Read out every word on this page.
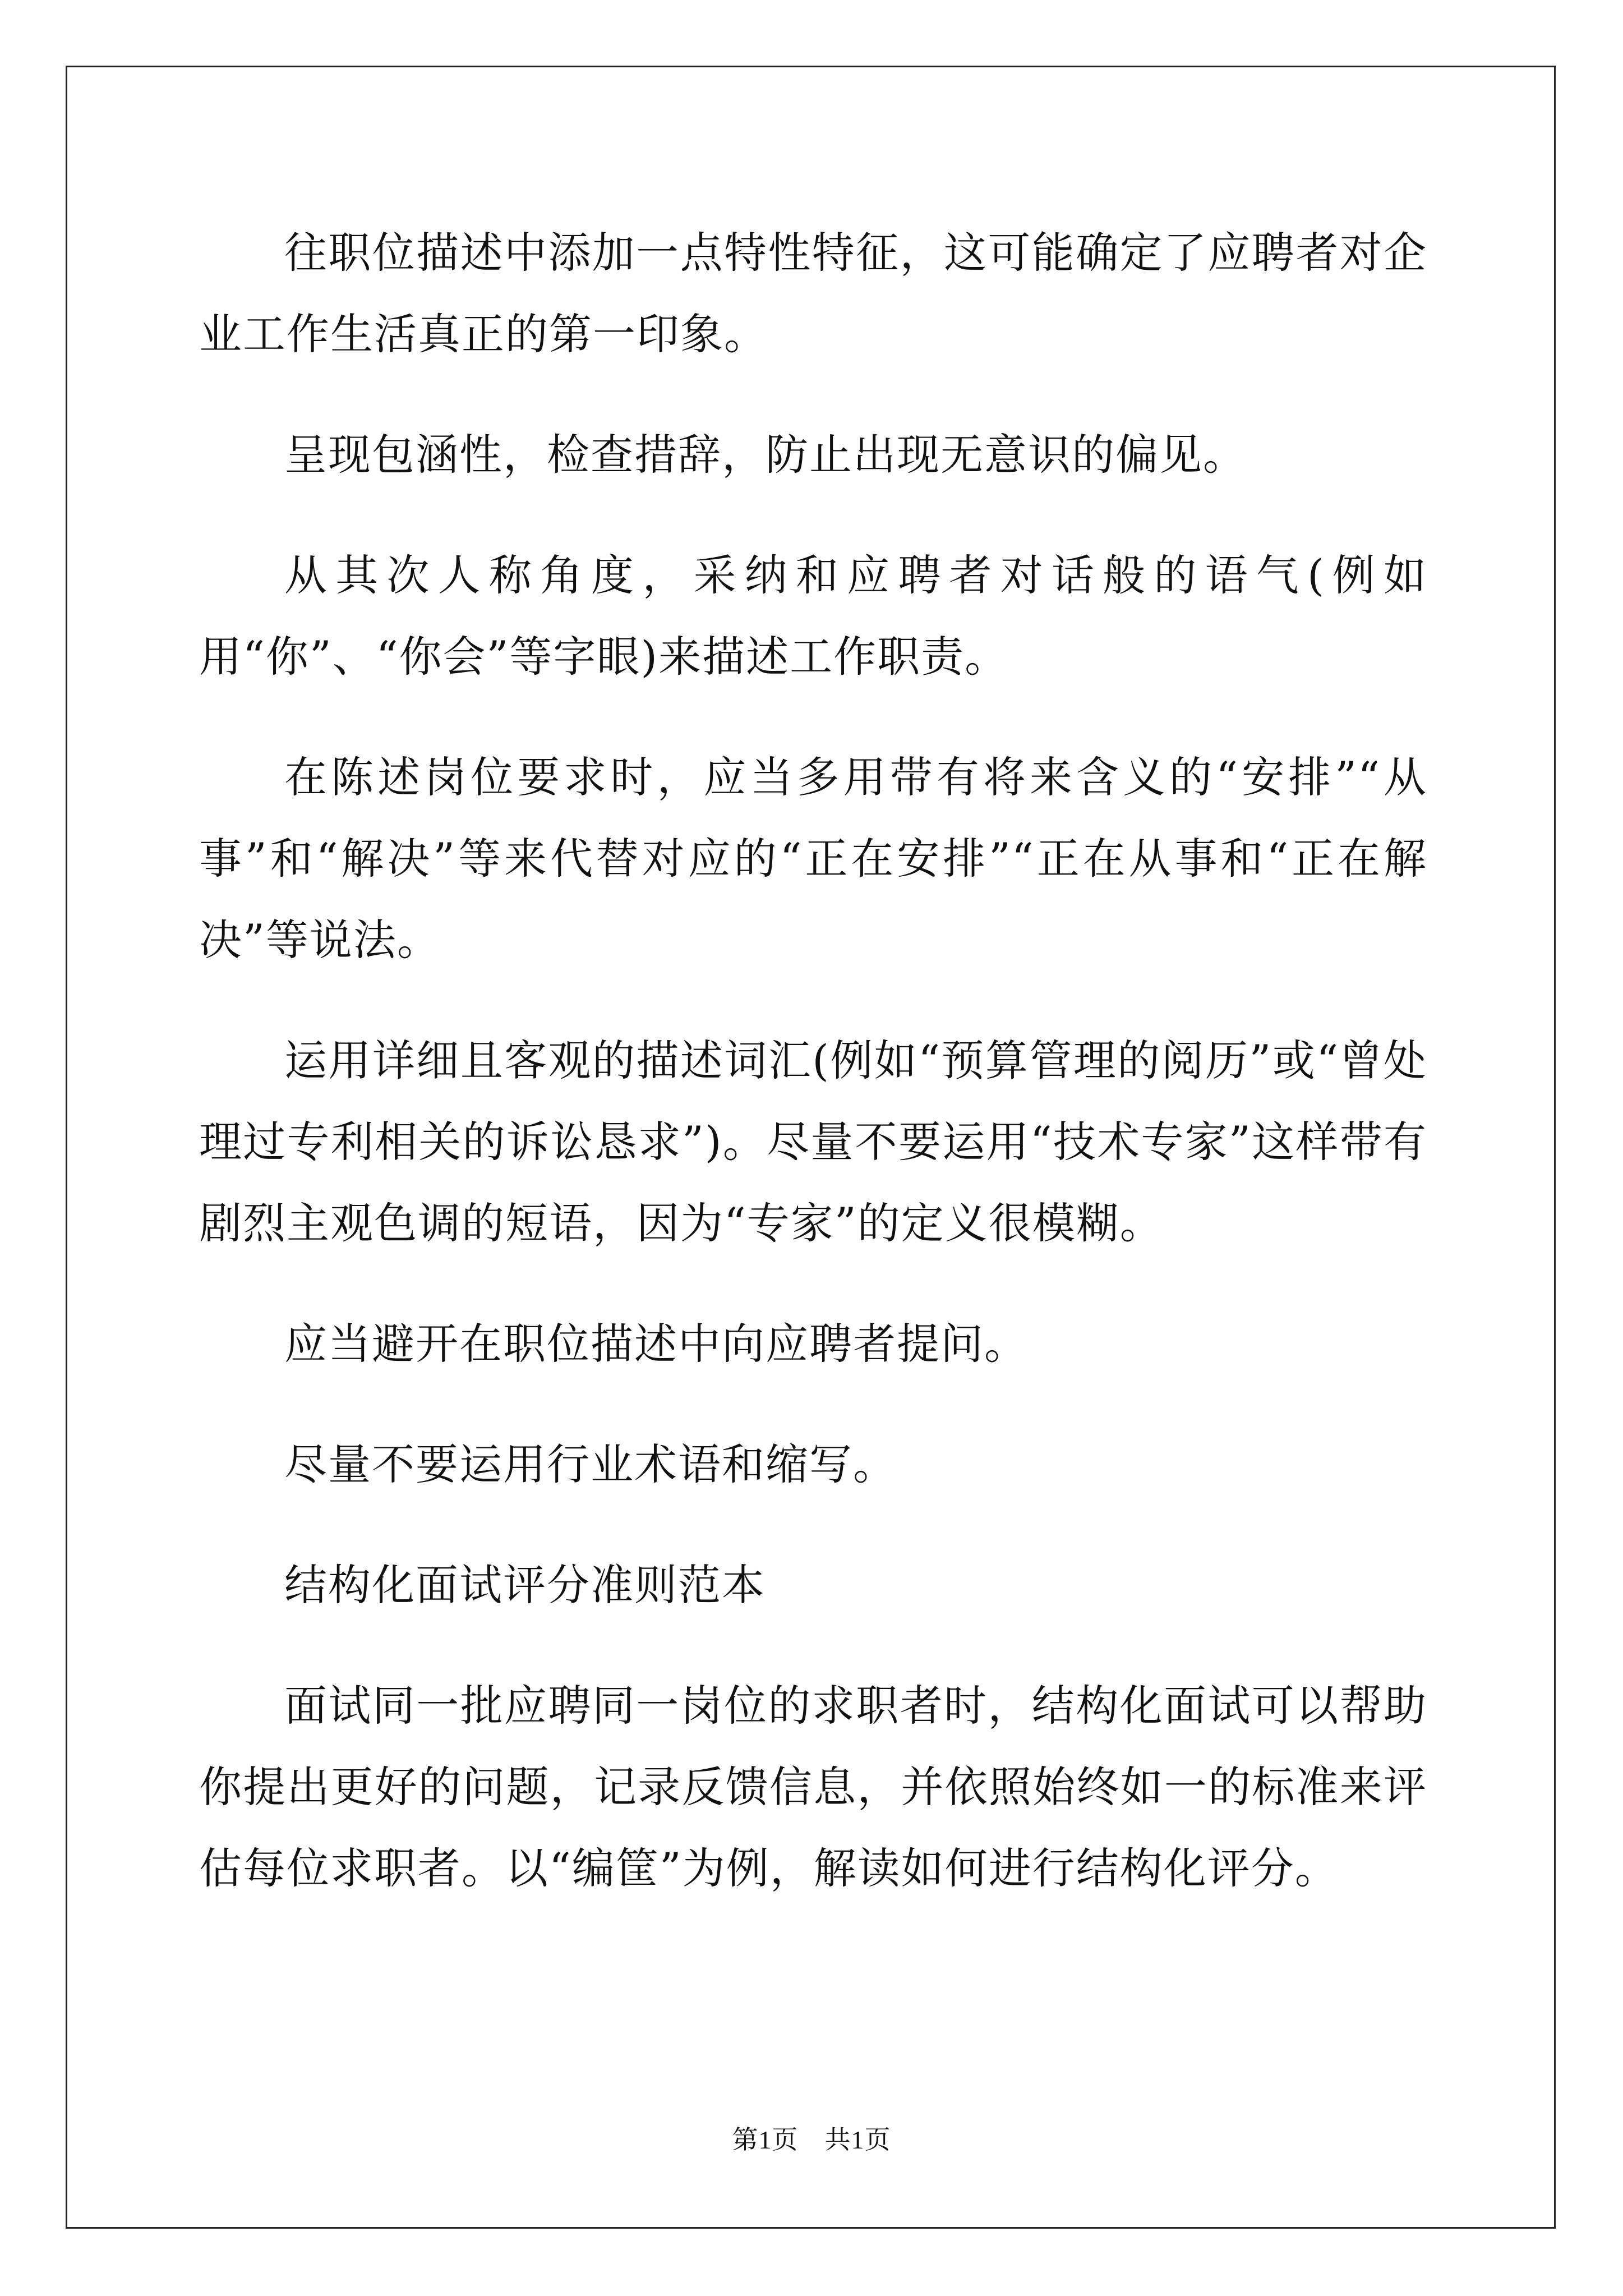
往职位描述中添加一点特性特征，这可能确定了应聘者对企业工作生活真正的第一印象。

呈现包涵性，检查措辞，防止出现无意识的偏见。

从其次人称角度，采纳和应聘者对话般的语气(例如用“你”、“你会”等字眼)来描述工作职责。

在陈述岗位要求时，应当多用带有将来含义的“安排”“从事”和“解决”等来代替对应的“正在安排”“正在从事和“正在解决”等说法。

运用详细且客观的描述词汇(例如“预算管理的阅历”或“曾处理过专利相关的诉讼恳求”)。尽量不要运用“技术专家”这样带有剧烈主观色调的短语，因为“专家”的定义很模糊。

应当避开在职位描述中向应聘者提问。

尽量不要运用行业术语和缩写。

结构化面试评分准则范本

面试同一批应聘同一岗位的求职者时，结构化面试可以帮助你提出更好的问题，记录反馈信息，并依照始终如一的标准来评估每位求职者。以“编筐”为例，解读如何进行结构化评分。

第1页　共1页
